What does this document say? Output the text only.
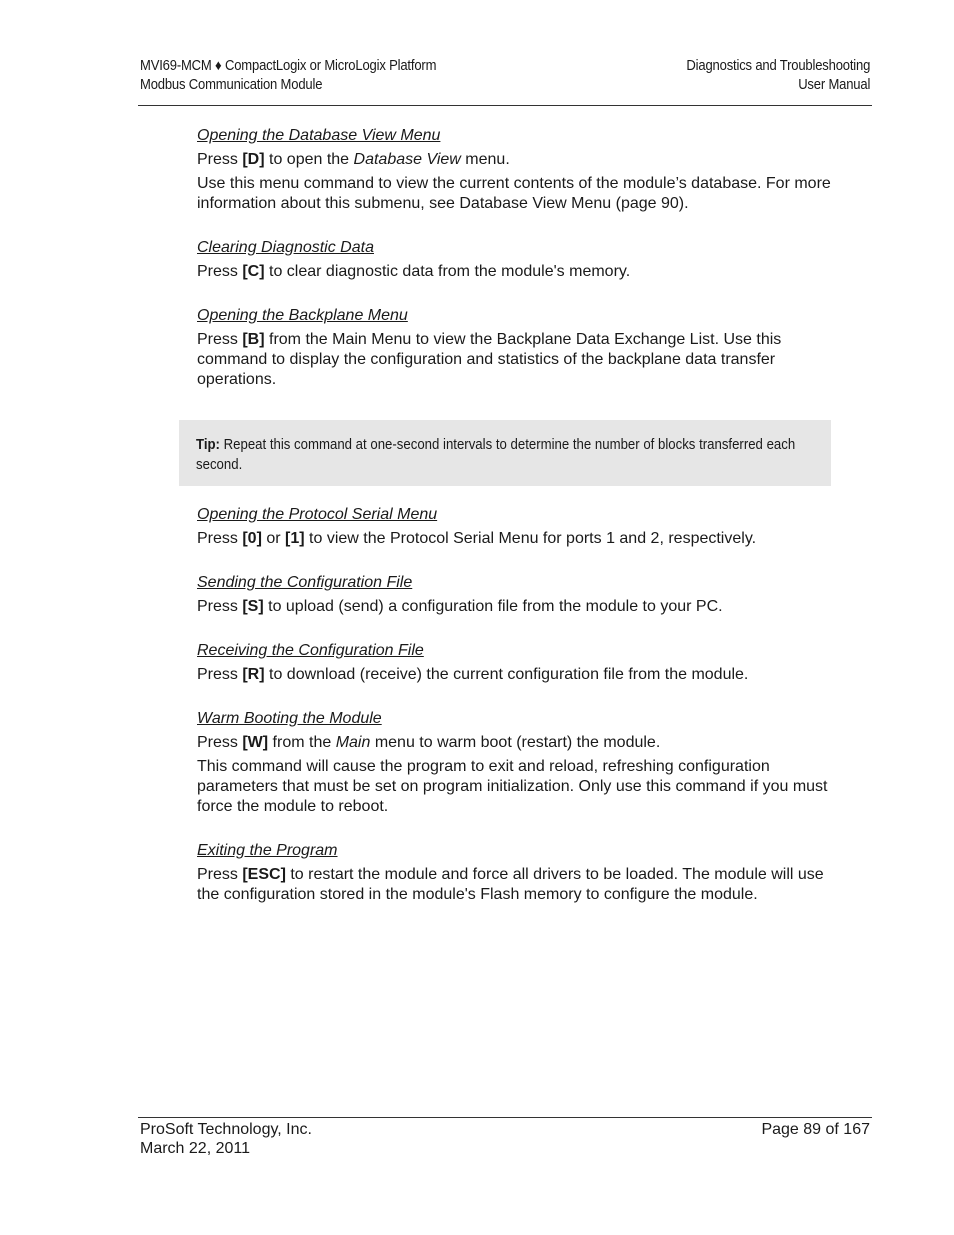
MVI69-MCM ♦ CompactLogix or MicroLogix Platform
Modbus Communication Module
Diagnostics and Troubleshooting
User Manual
Opening the Database View Menu
Press [D] to open the Database View menu.
Use this menu command to view the current contents of the module’s database. For more information about this submenu, see Database View Menu (page 90).
Clearing Diagnostic Data
Press [C] to clear diagnostic data from the module's memory.
Opening the Backplane Menu
Press [B] from the Main Menu to view the Backplane Data Exchange List. Use this command to display the configuration and statistics of the backplane data transfer operations.
Tip: Repeat this command at one-second intervals to determine the number of blocks transferred each second.
Opening the Protocol Serial Menu
Press [0] or [1] to view the Protocol Serial Menu for ports 1 and 2, respectively.
Sending the Configuration File
Press [S] to upload (send) a configuration file from the module to your PC.
Receiving the Configuration File
Press [R] to download (receive) the current configuration file from the module.
Warm Booting the Module
Press [W] from the Main menu to warm boot (restart) the module.
This command will cause the program to exit and reload, refreshing configuration parameters that must be set on program initialization. Only use this command if you must force the module to reboot.
Exiting the Program
Press [ESC] to restart the module and force all drivers to be loaded. The module will use the configuration stored in the module's Flash memory to configure the module.
ProSoft Technology, Inc.
March 22, 2011
Page 89 of 167
